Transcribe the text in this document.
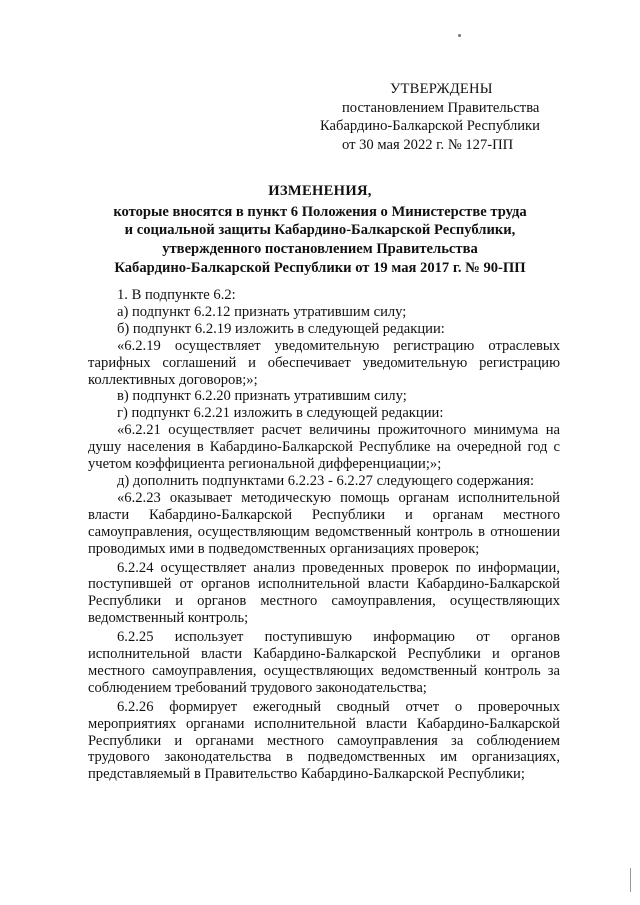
УТВЕРЖДЕНЫ
постановлением Правительства
Кабардино-Балкарской Республики
от 30 мая 2022 г. № 127-ПП
ИЗМЕНЕНИЯ,
которые вносятся в пункт 6 Положения о Министерстве труда
и социальной защиты Кабардино-Балкарской Республики,
утвержденного постановлением Правительства
Кабардино-Балкарской Республики от 19 мая 2017 г. № 90-ПП

1. В подпункте 6.2:

а) подпункт 6.2.12 признать утратившим силу;

б) подпункт 6.2.19 изложить в следующей редакции:

«6.2.19 осуществляет уведомительную регистрацию отраслевых тарифных соглашений и обеспечивает уведомительную регистрацию коллективных договоров;»;

в) подпункт 6.2.20 признать утратившим силу;

г) подпункт 6.2.21 изложить в следующей редакции:

«6.2.21 осуществляет расчет величины прожиточного минимума на душу населения в Кабардино-Балкарской Республике на очередной год с учетом коэффициента региональной дифференциации;»;

д) дополнить подпунктами 6.2.23 - 6.2.27 следующего содержания:

«6.2.23 оказывает методическую помощь органам исполнительной власти Кабардино-Балкарской Республики и органам местного самоуправления, осуществляющим ведомственный контроль в отношении проводимых ими в подведомственных организациях проверок;

6.2.24 осуществляет анализ проведенных проверок по информации, поступившей от органов исполнительной власти Кабардино-Балкарской Республики и органов местного самоуправления, осуществляющих ведомственный контроль;

6.2.25 использует поступившую информацию от органов исполнительной власти Кабардино-Балкарской Республики и органов местного самоуправления, осуществляющих ведомственный контроль за соблюдением требований трудового законодательства;

6.2.26 формирует ежегодный сводный отчет о проверочных мероприятиях органами исполнительной власти Кабардино-Балкарской Республики и органами местного самоуправления за соблюдением трудового законодательства в подведомственных им организациях, представляемый в Правительство Кабардино-Балкарской Республики;
